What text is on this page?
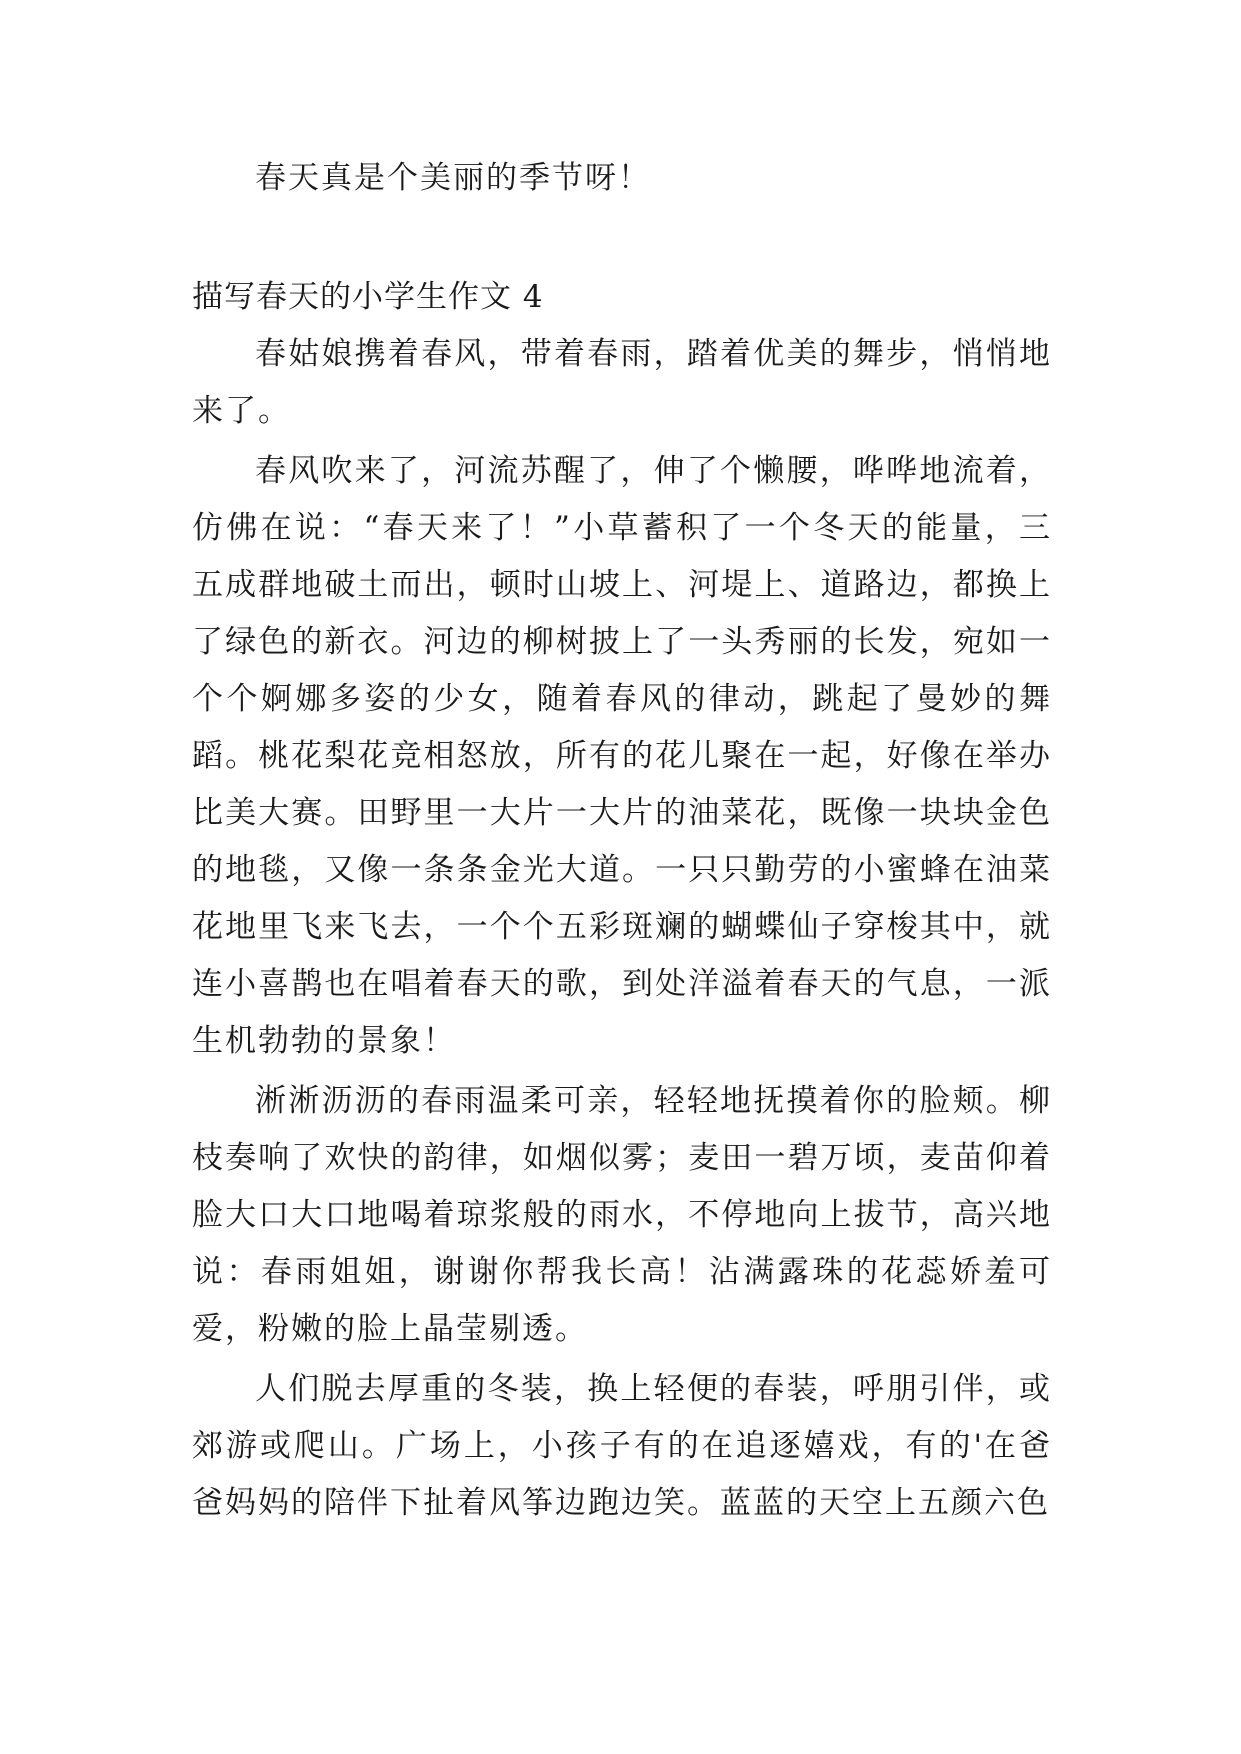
春天真是个美丽的季节呀！

描写春天的小学生作文 4

春姑娘携着春风，带着春雨，踏着优美的舞步，悄悄地来了。

春风吹来了，河流苏醒了，伸了个懒腰，哗哗地流着，仿佛在说：“春天来了！”小草蓄积了一个冬天的能量，三五成群地破土而出，顿时山坡上、河堤上、道路边，都换上了绿色的新衣。河边的柳树披上了一头秀丽的长发，宛如一个个婀娜多姿的少女，随着春风的律动，跳起了曼妙的舞蹈。桃花梨花竞相怒放，所有的花儿聚在一起，好像在举办比美大赛。田野里一大片一大片的油菜花，既像一块块金色的地毯，又像一条条金光大道。一只只勤劳的小蜜蜂在油菜花地里飞来飞去，一个个五彩斑斓的蝴蝶仙子穿梭其中，就连小喜鹊也在唱着春天的歌，到处洋溢着春天的气息，一派生机勃勃的景象！

淅淅沥沥的春雨温柔可亲，轻轻地抚摸着你的脸颊。柳枝奏响了欢快的韵律，如烟似雾；麦田一碧万顷，麦苗仰着脸大口大口地喝着琼浆般的雨水，不停地向上拔节，高兴地说：春雨姐姐，谢谢你帮我长高！沾满露珠的花蕊娇羞可爱，粉嫩的脸上晶莹剔透。

人们脱去厚重的冬装，换上轻便的春装，呼朋引伴，或郊游或爬山。广场上，小孩子有的在追逐嬉戏，有的'在爸爸妈妈的陪伴下扯着风筝边跑边笑。蓝蓝的天空上五颜六色
